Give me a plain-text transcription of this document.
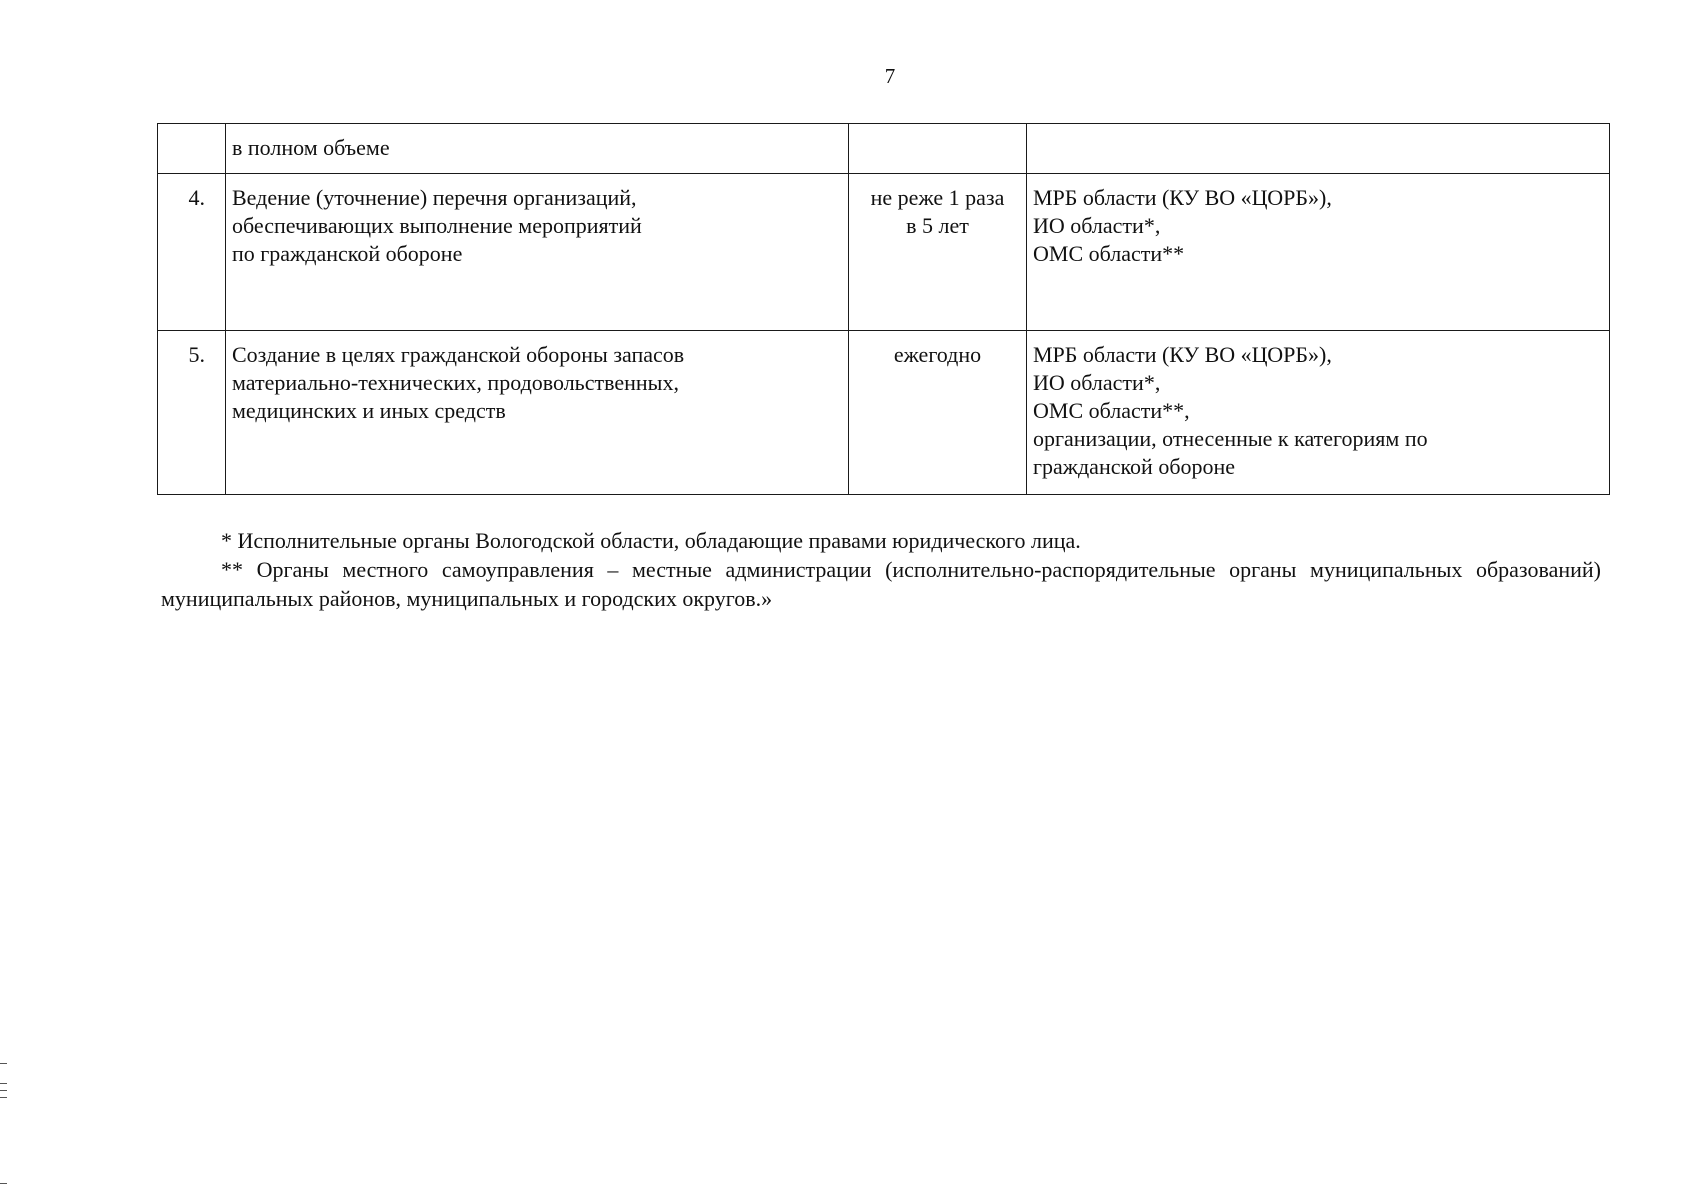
7

	в полном объеме		

4.	Ведение (уточнение) перечня организаций,
обеспечивающих выполнение мероприятий
по гражданской обороне	не реже 1 раза
в 5 лет	МРБ области (КУ ВО «ЦОРБ»),
ИО области*,
ОМС области**

5.	Создание в целях гражданской обороны запасов
материально-технических, продовольственных,
медицинских и иных средств	ежегодно	МРБ области (КУ ВО «ЦОРБ»),
ИО области*,
ОМС области**,
организации, отнесенные к категориям по
гражданской обороне

* Исполнительные органы Вологодской области, обладающие правами юридического лица.

** Органы местного самоуправления – местные администрации (исполнительно-распорядительные органы муниципальных образований) муниципальных районов, муниципальных и городских округов.»
